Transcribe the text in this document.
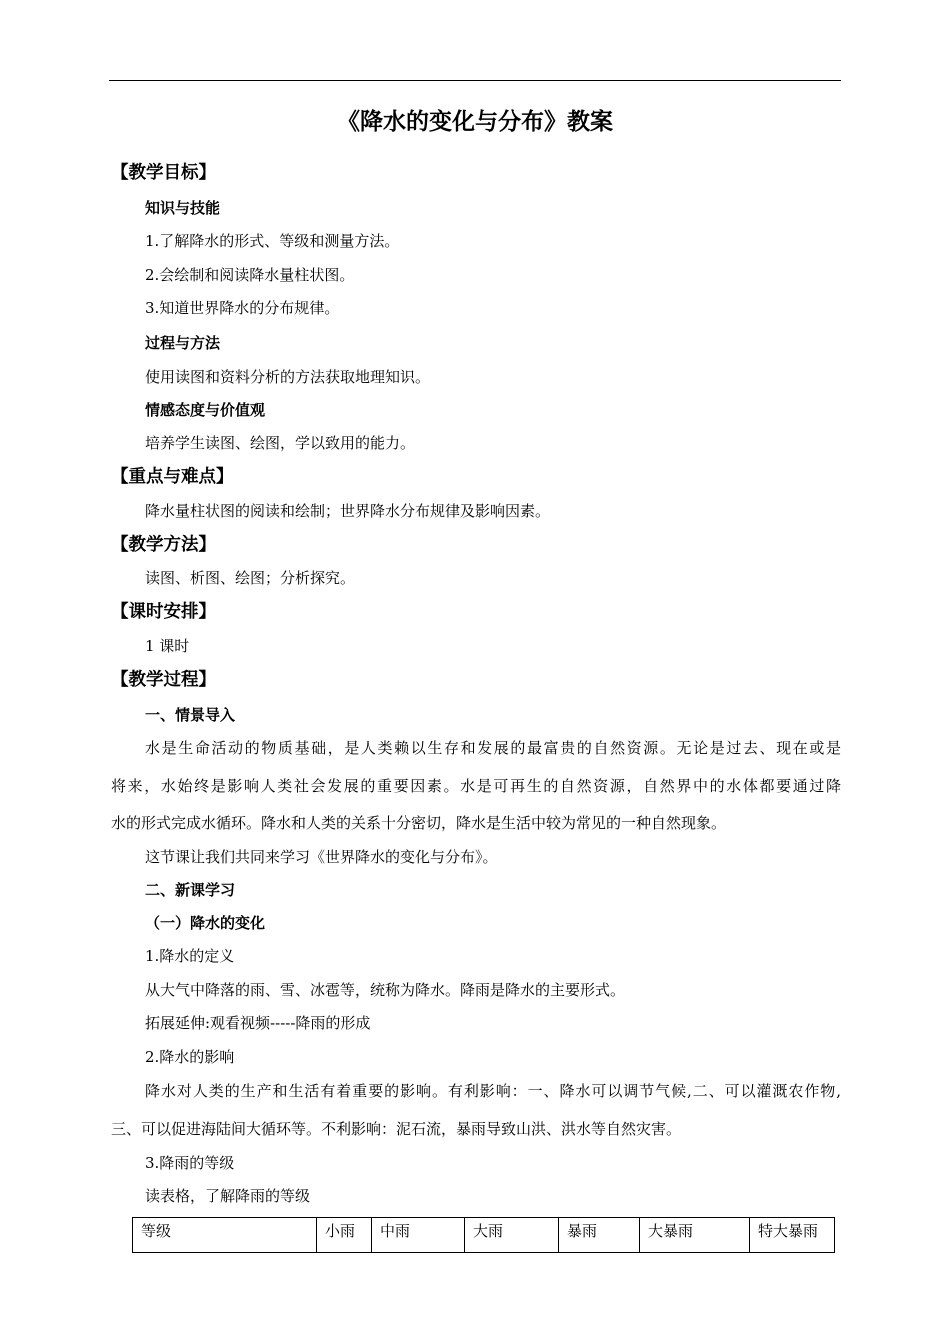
《降水的变化与分布》教案
【教学目标】
知识与技能
1.了解降水的形式、等级和测量方法。
2.会绘制和阅读降水量柱状图。
3.知道世界降水的分布规律。
过程与方法
使用读图和资料分析的方法获取地理知识。
情感态度与价值观
培养学生读图、绘图，学以致用的能力。
【重点与难点】
降水量柱状图的阅读和绘制；世界降水分布规律及影响因素。
【教学方法】
读图、析图、绘图；分析探究。
【课时安排】
1 课时
【教学过程】
一、情景导入
水是生命活动的物质基础，是人类赖以生存和发展的最富贵的自然资源。无论是过去、现在或是
将来，水始终是影响人类社会发展的重要因素。水是可再生的自然资源，自然界中的水体都要通过降
水的形式完成水循环。降水和人类的关系十分密切，降水是生活中较为常见的一种自然现象。
这节课让我们共同来学习《世界降水的变化与分布》。
二、新课学习
（一）降水的变化
1.降水的定义
从大气中降落的雨、雪、冰雹等，统称为降水。降雨是降水的主要形式。
拓展延伸:观看视频-----降雨的形成
2.降水的影响
降水对人类的生产和生活有着重要的影响。有利影响：一、降水可以调节气候,二、可以灌溉农作物,
三、可以促进海陆间大循环等。不利影响：泥石流，暴雨导致山洪、洪水等自然灾害。
3.降雨的等级
读表格，了解降雨的等级
等级	小雨	中雨	大雨	暴雨	大暴雨	特大暴雨
